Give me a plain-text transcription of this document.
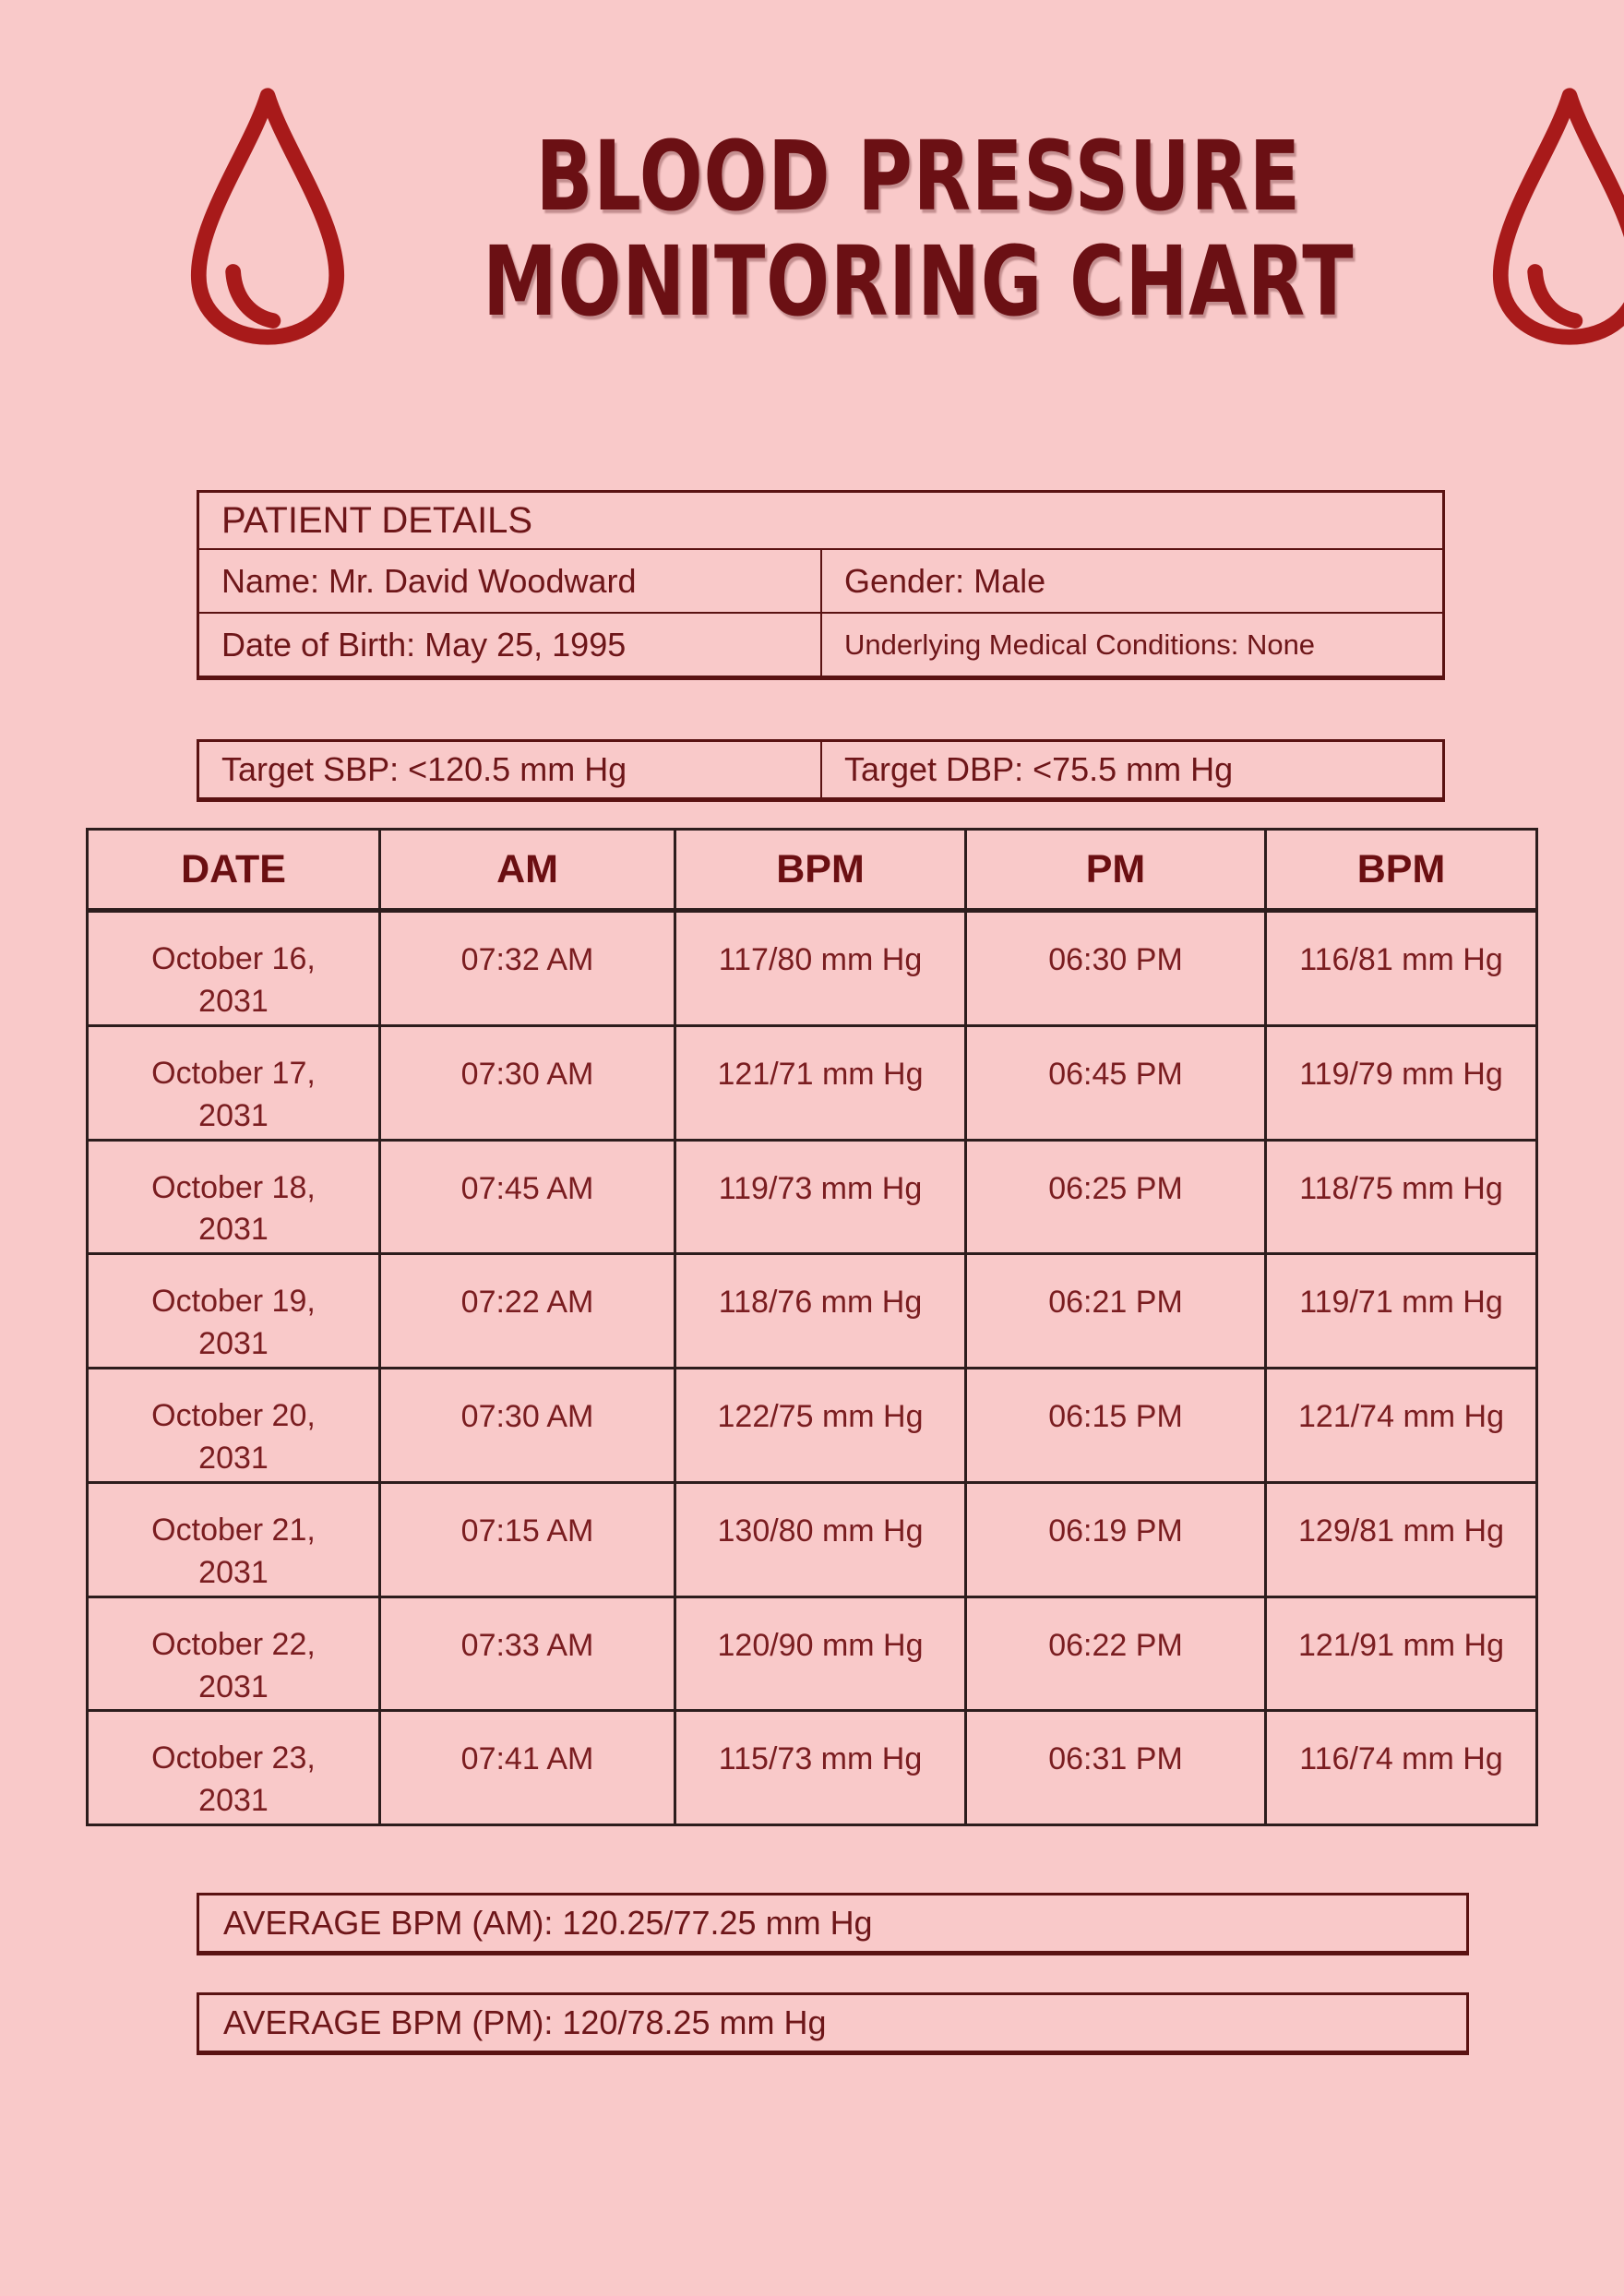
BLOOD PRESSURE
MONITORING CHART
PATIENT DETAILS
Name: Mr. David Woodward	Gender: Male
Date of Birth: May 25, 1995	Underlying Medical Conditions: None
Target SBP: <120.5 mm Hg	Target DBP: <75.5 mm Hg
DATE	AM	BPM	PM	BPM
October 16, 2031	07:32 AM	117/80 mm Hg	06:30 PM	116/81 mm Hg
October 17, 2031	07:30 AM	121/71 mm Hg	06:45 PM	119/79 mm Hg
October 18, 2031	07:45 AM	119/73 mm Hg	06:25 PM	118/75 mm Hg
October 19, 2031	07:22 AM	118/76 mm Hg	06:21 PM	119/71 mm Hg
October 20, 2031	07:30 AM	122/75 mm Hg	06:15 PM	121/74 mm Hg
October 21, 2031	07:15 AM	130/80 mm Hg	06:19 PM	129/81 mm Hg
October 22, 2031	07:33 AM	120/90 mm Hg	06:22 PM	121/91 mm Hg
October 23, 2031	07:41 AM	115/73 mm Hg	06:31 PM	116/74 mm Hg
AVERAGE BPM (AM): 120.25/77.25 mm Hg
AVERAGE BPM (PM): 120/78.25 mm Hg
